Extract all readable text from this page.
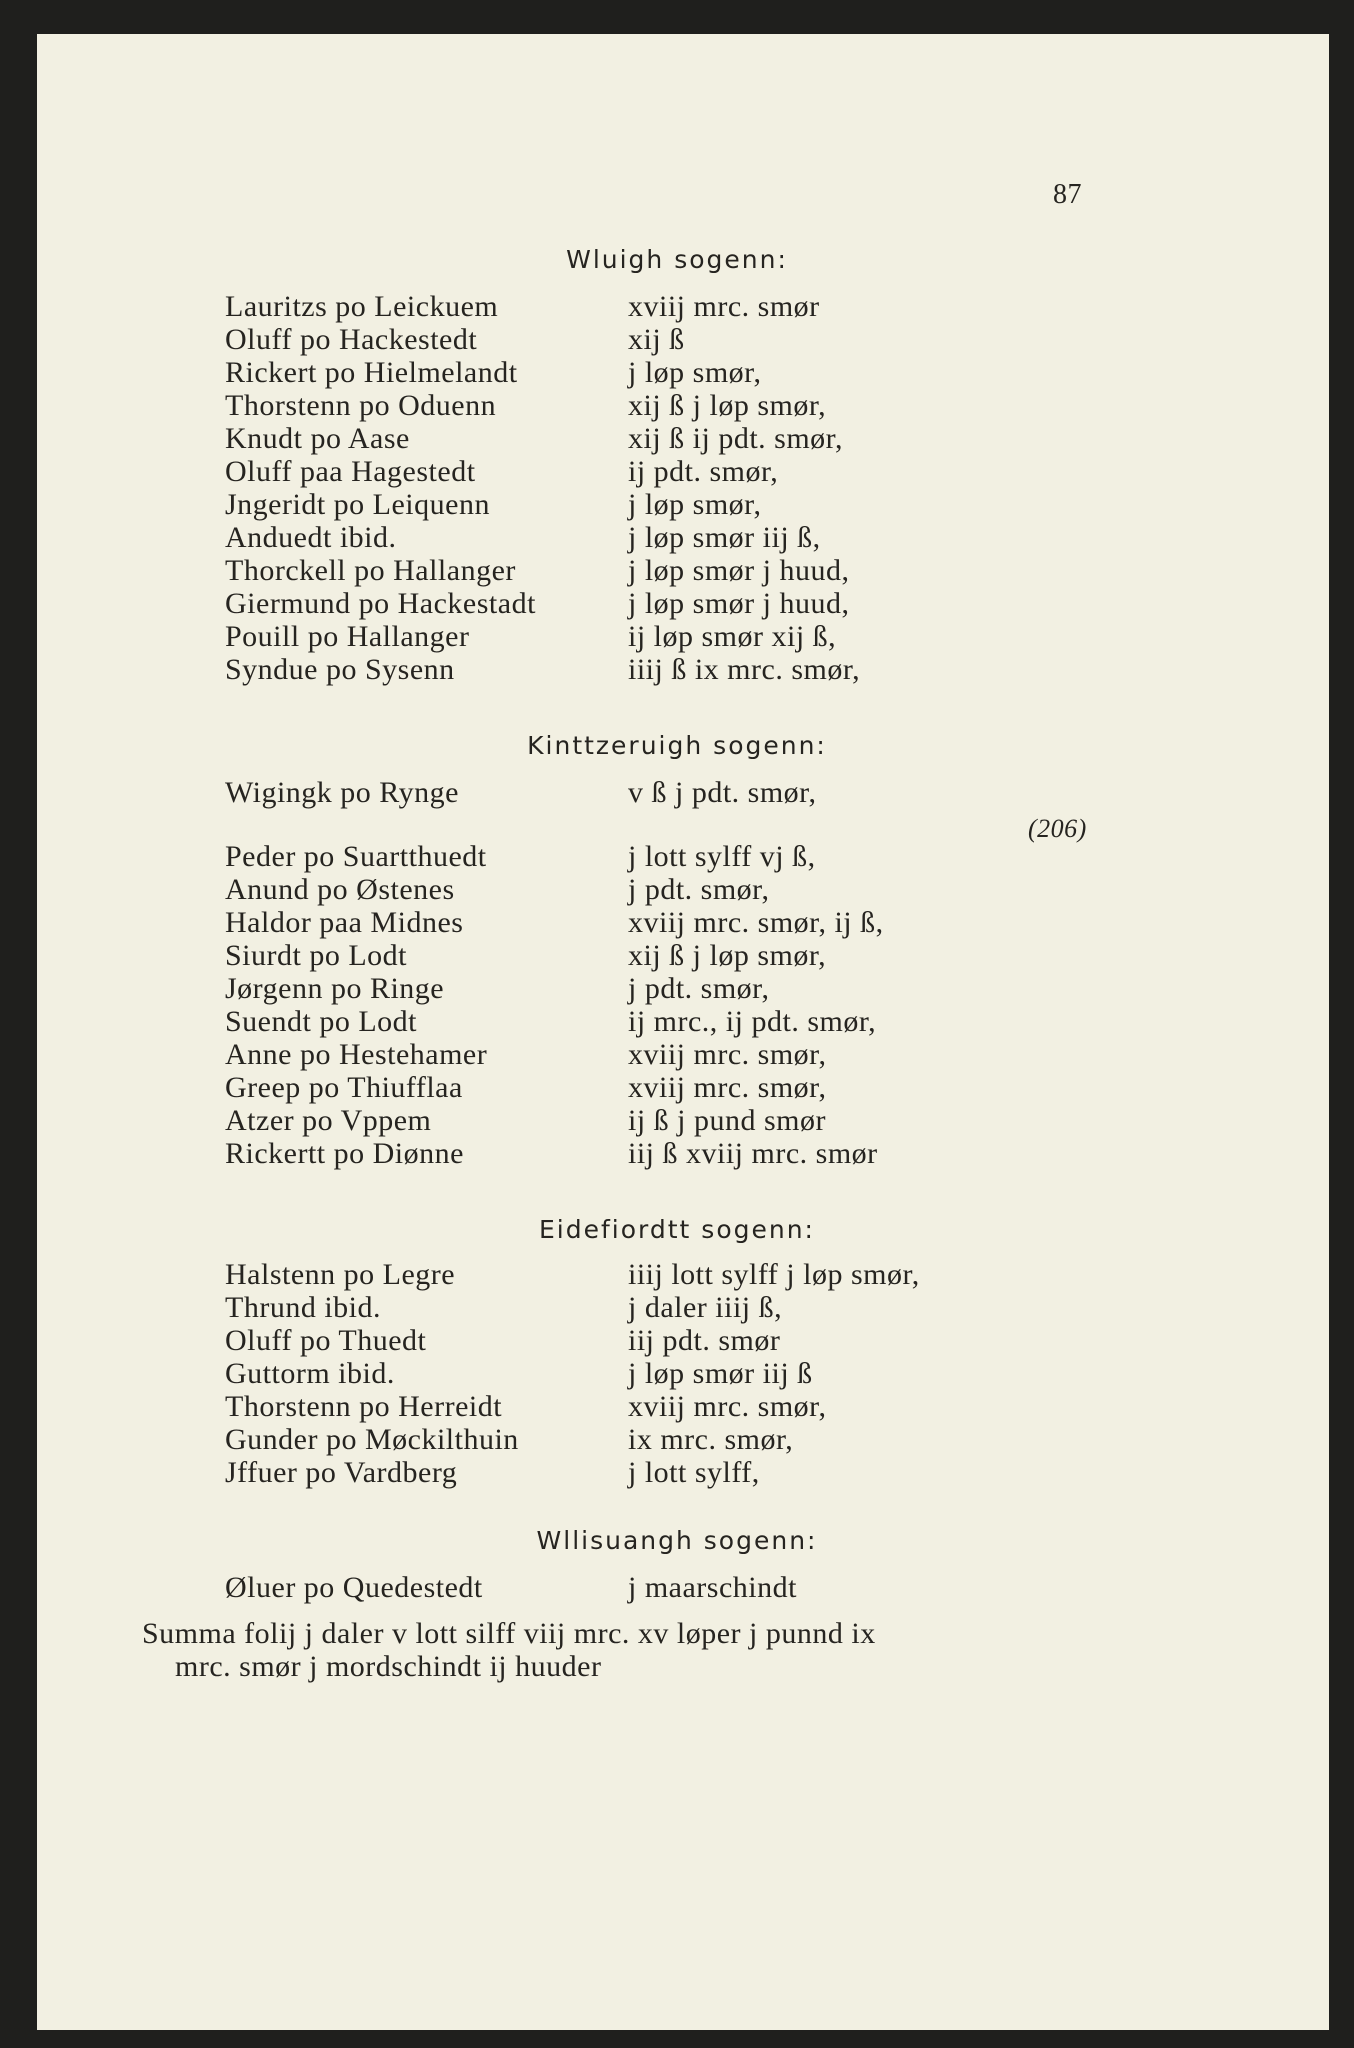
87
Wluigh sogenn:
Lauritzs po Leickuem	xviij mrc. smør
Oluff po Hackestedt	xij ß
Rickert po Hielmelandt	j løp smør,
Thorstenn po Oduenn	xij ß j løp smør,
Knudt po Aase	xij ß ij pdt. smør,
Oluff paa Hagestedt	ij pdt. smør,
Jngeridt po Leiquenn	j løp smør,
Anduedt ibid.	j løp smør iij ß,
Thorckell po Hallanger	j løp smør j huud,
Giermund po Hackestadt	j løp smør j huud,
Pouill po Hallanger	ij løp smør xij ß,
Syndue po Sysenn	iiij ß ix mrc. smør,
Kinttzeruigh sogenn:
Wigingk po Rynge	v ß j pdt. smør,
(206)
Peder po Suartthuedt	j lott sylff vj ß,
Anund po Østenes	j pdt. smør,
Haldor paa Midnes	xviij mrc. smør, ij ß,
Siurdt po Lodt	xij ß j løp smør,
Jørgenn po Ringe	j pdt. smør,
Suendt po Lodt	ij mrc., ij pdt. smør,
Anne po Hestehamer	xviij mrc. smør,
Greep po Thiufflaa	xviij mrc. smør,
Atzer po Vppem	ij ß j pund smør
Rickertt po Diønne	iij ß xviij mrc. smør
Eidefiordtt sogenn:
Halstenn po Legre	iiij lott sylff j løp smør,
Thrund ibid.	j daler iiij ß,
Oluff po Thuedt	iij pdt. smør
Guttorm ibid.	j løp smør iij ß
Thorstenn po Herreidt	xviij mrc. smør,
Gunder po Møckilthuin	ix mrc. smør,
Jffuer po Vardberg	j lott sylff,
Wllisuangh sogenn:
Øluer po Quedestedt	j maarschindt
Summa folij j daler v lott silff viij mrc. xv løper j punnd ix
mrc. smør j mordschindt ij huuder
